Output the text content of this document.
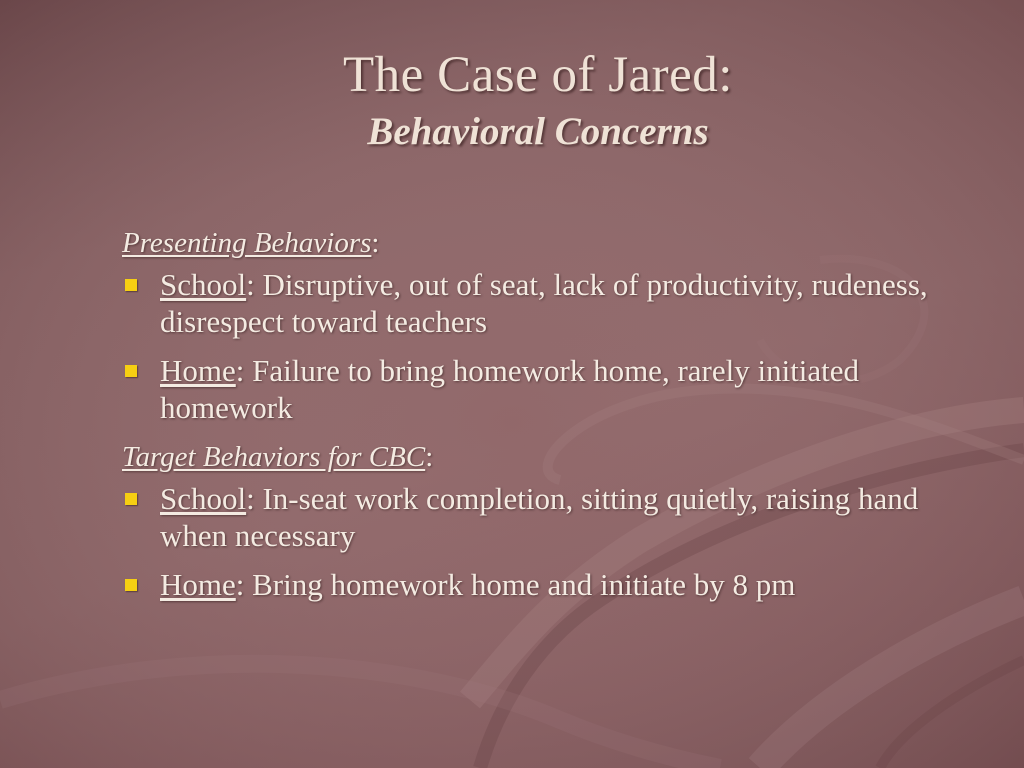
The Case of Jared:
Behavioral Concerns
Presenting Behaviors:
School: Disruptive, out of seat, lack of productivity, rudeness, disrespect toward teachers
Home: Failure to bring homework home, rarely initiated homework
Target Behaviors for CBC:
School: In-seat work completion, sitting quietly, raising hand when necessary
Home: Bring homework home and initiate by 8 pm
